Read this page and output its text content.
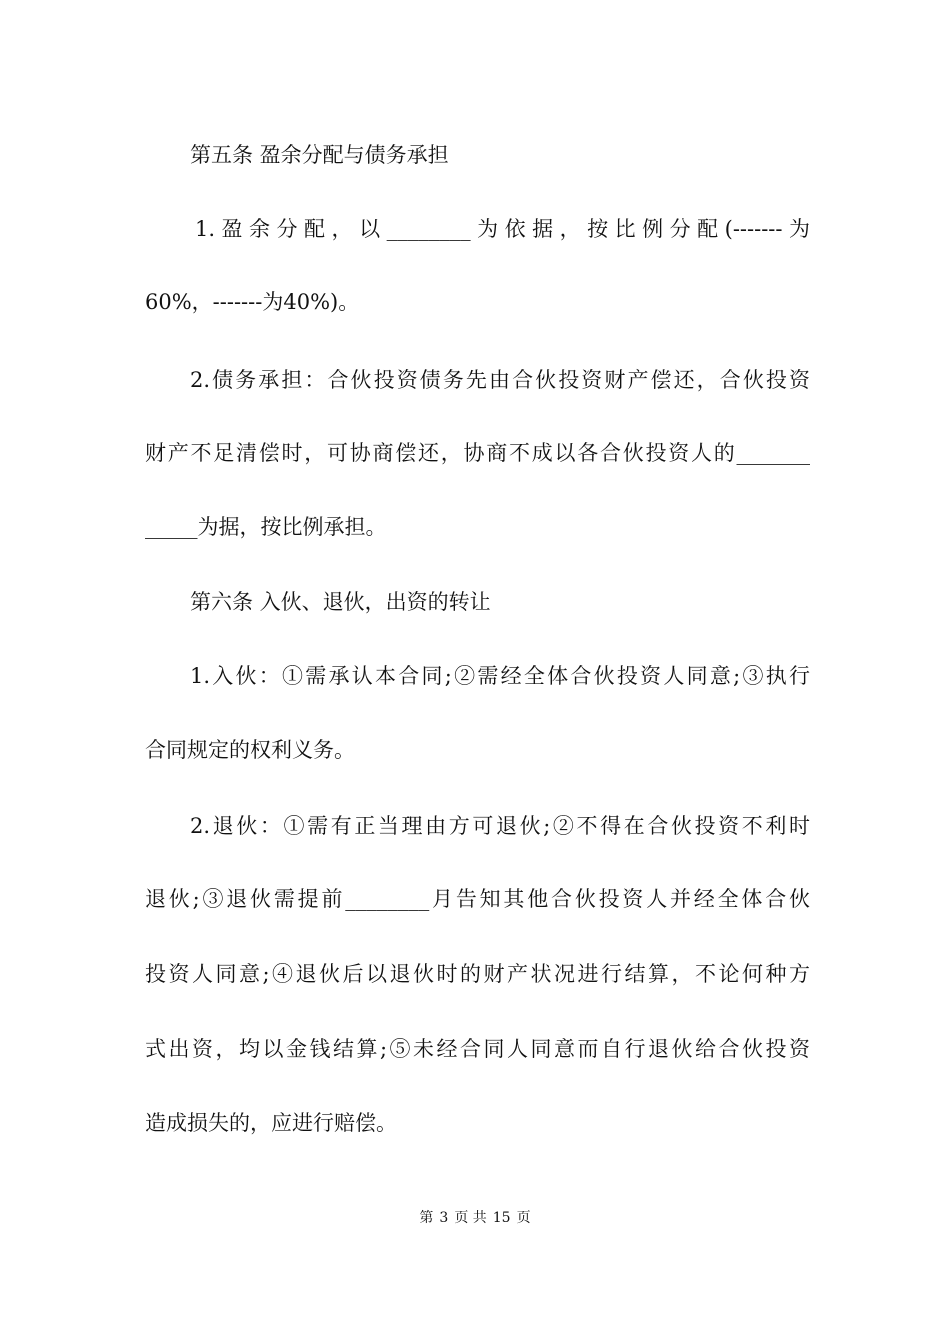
第五条 盈余分配与债务承担

1.盈余分配，以________为依据，按比例分配(-------为

60%，-------为40%)。

2.债务承担：合伙投资债务先由合伙投资财产偿还，合伙投资

财产不足清偿时，可协商偿还，协商不成以各合伙投资人的_______

_____为据，按比例承担。

第六条 入伙、退伙，出资的转让

1.入伙：①需承认本合同;②需经全体合伙投资人同意;③执行

合同规定的权利义务。

2.退伙：①需有正当理由方可退伙;②不得在合伙投资不利时

退伙;③退伙需提前________月告知其他合伙投资人并经全体合伙

投资人同意;④退伙后以退伙时的财产状况进行结算，不论何种方

式出资，均以金钱结算;⑤未经合同人同意而自行退伙给合伙投资

造成损失的，应进行赔偿。

第 3 页 共 15 页
